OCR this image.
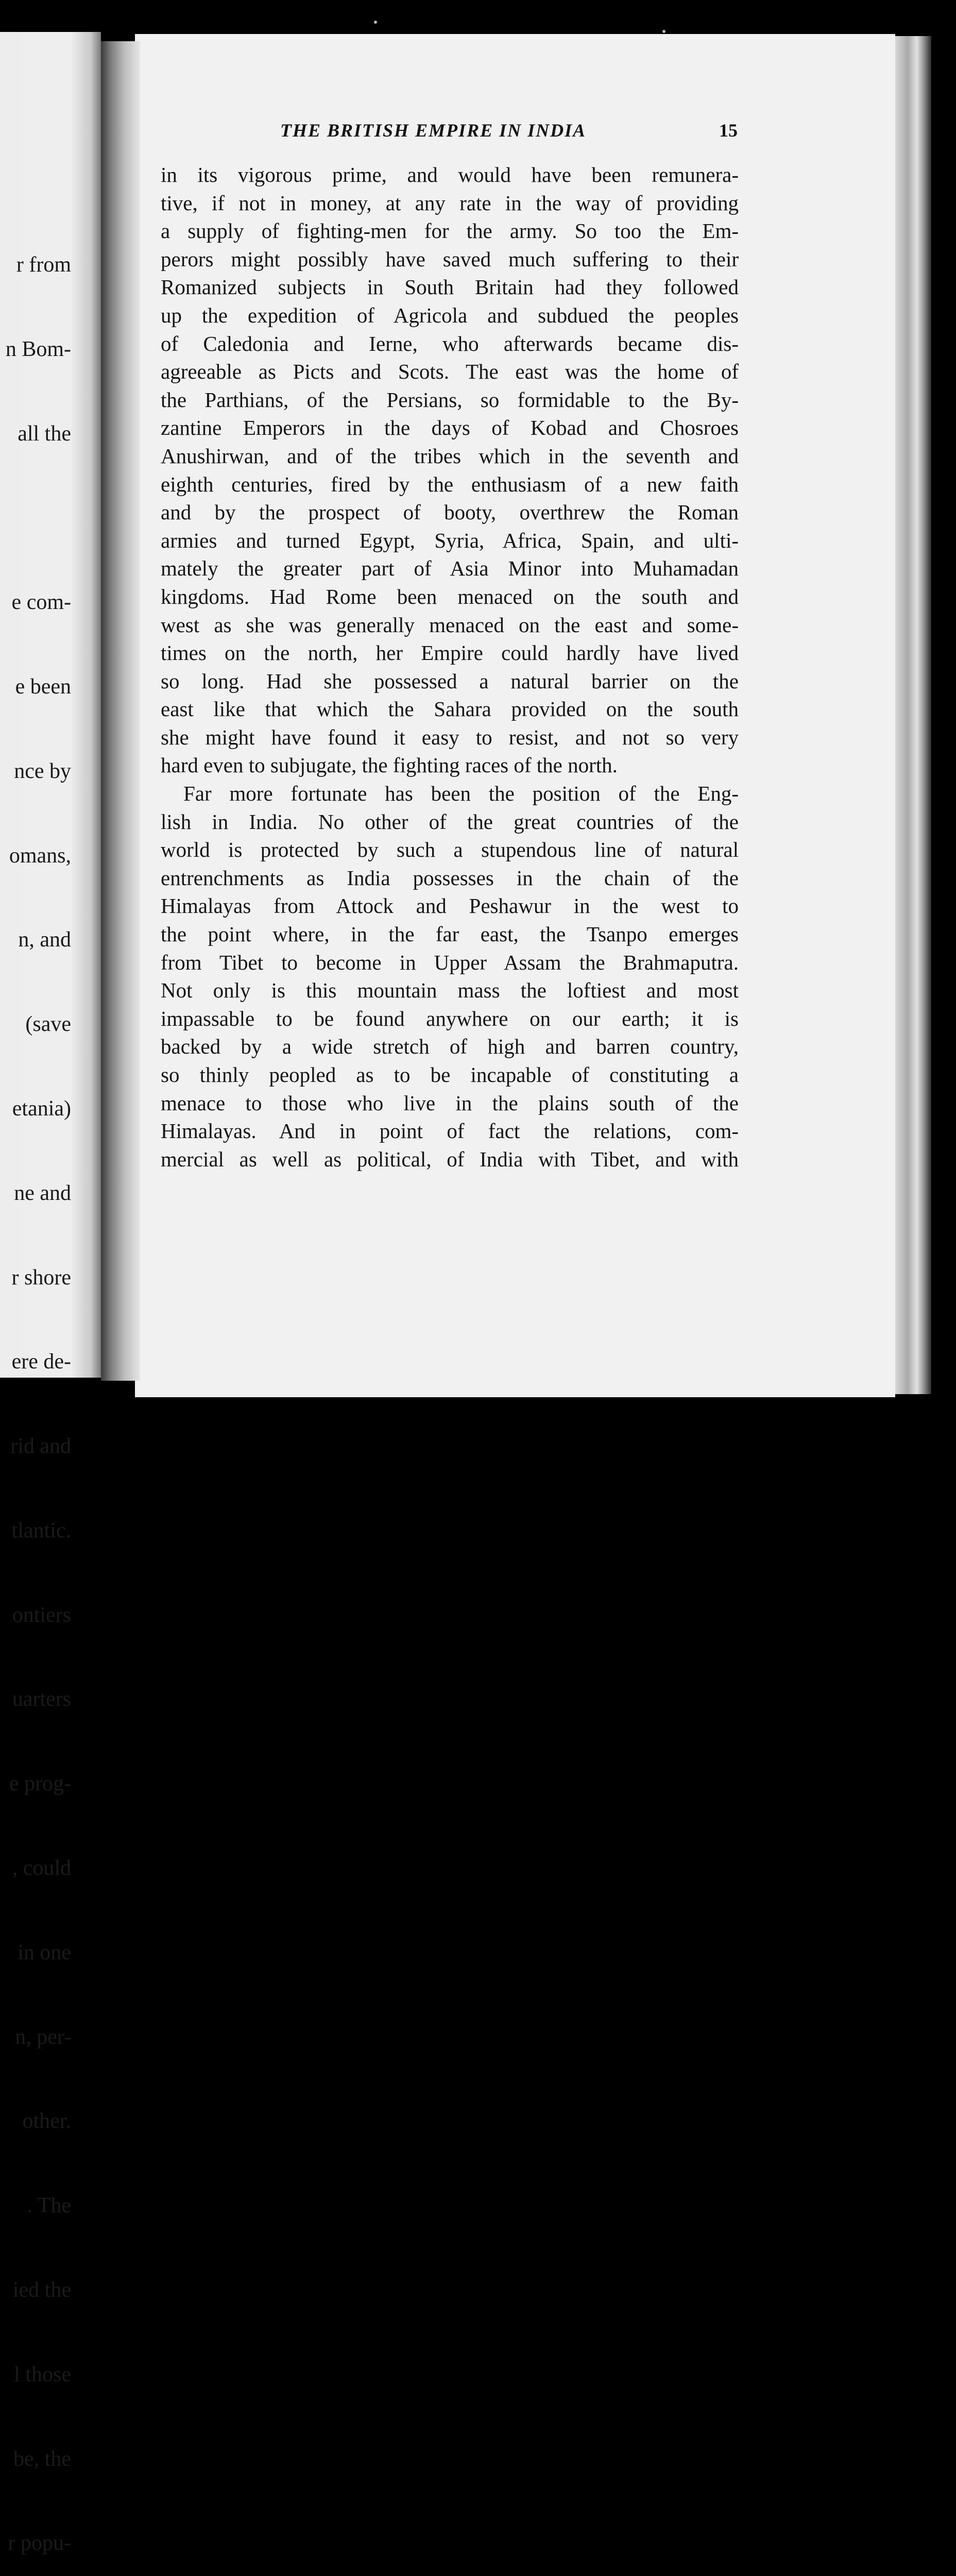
r from

n Bom-

all the

e com-

e been

nce by

omans,

n, and

(save

etania)

ne and

r shore

ere de-

rid and

tlantic.

ontiers

uarters

e prog-

, could

in one

n, per-

other.

. The

ied the

l those

be, the

r popu-

THE BRITISH EMPIRE IN INDIA	15
in its vigorous prime, and would have been remunera-
tive, if not in money, at any rate in the way of providing
a supply of fighting-men for the army. So too the Em-
perors might possibly have saved much suffering to their
Romanized subjects in South Britain had they followed
up the expedition of Agricola and subdued the peoples
of Caledonia and Ierne, who afterwards became dis-
agreeable as Picts and Scots. The east was the home of
the Parthians, of the Persians, so formidable to the By-
zantine Emperors in the days of Kobad and Chosroes
Anushirwan, and of the tribes which in the seventh and
eighth centuries, fired by the enthusiasm of a new faith
and by the prospect of booty, overthrew the Roman
armies and turned Egypt, Syria, Africa, Spain, and ulti-
mately the greater part of Asia Minor into Muhamadan
kingdoms. Had Rome been menaced on the south and
west as she was generally menaced on the east and some-
times on the north, her Empire could hardly have lived
so long. Had she possessed a natural barrier on the
east like that which the Sahara provided on the south
she might have found it easy to resist, and not so very
hard even to subjugate, the fighting races of the north.
Far more fortunate has been the position of the Eng-
lish in India. No other of the great countries of the
world is protected by such a stupendous line of natural
entrenchments as India possesses in the chain of the
Himalayas from Attock and Peshawur in the west to
the point where, in the far east, the Tsanpo emerges
from Tibet to become in Upper Assam the Brahmaputra.
Not only is this mountain mass the loftiest and most
impassable to be found anywhere on our earth; it is
backed by a wide stretch of high and barren country,
so thinly peopled as to be incapable of constituting a
menace to those who live in the plains south of the
Himalayas. And in point of fact the relations, com-
mercial as well as political, of India with Tibet, and with
